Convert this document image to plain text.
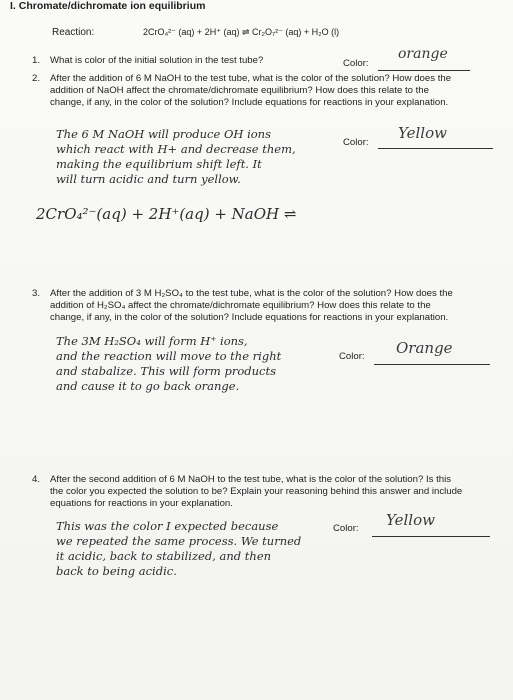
I. Chromate/dichromate ion equilibrium
Reaction:	2CrO₄²⁻ (aq) + 2H⁺ (aq) ⇌ Cr₂O₇²⁻ (aq) + H₂O (l)
1. What is color of the initial solution in the test tube?	Color:
orange
2. After the addition of 6 M NaOH to the test tube, what is the color of the solution? How does the
addition of NaOH affect the chromate/dichromate equilibrium? How does this relate to the
change, if any, in the color of the solution? Include equations for reactions in your explanation.
Color:
Yellow
The 6 M NaOH will produce OH ions
which react with H+ and decrease them,
making the equilibrium shift left. It
will turn acidic and turn yellow.
2CrO₄²⁻(aq) + 2H⁺(aq) + NaOH ⇌
3. After the addition of 3 M H₂SO₄ to the test tube, what is the color of the solution? How does the
addition of H₂SO₄ affect the chromate/dichromate equilibrium? How does this relate to the
change, if any, in the color of the solution? Include equations for reactions in your explanation.
Color: Orange
The 3M H₂SO₄ will form H⁺ ions,
and the reaction will move to the right
and stabalize. This will form products
and cause it to go back orange.
4. After the second addition of 6 M NaOH to the test tube, what is the color of the solution? Is this
the color you expected the solution to be? Explain your reasoning behind this answer and include
equations for reactions in your explanation.
Color: Yellow
This was the color I expected because
we repeated the same process. We turned
it acidic, back to stabilized, and then
back to being acidic.
